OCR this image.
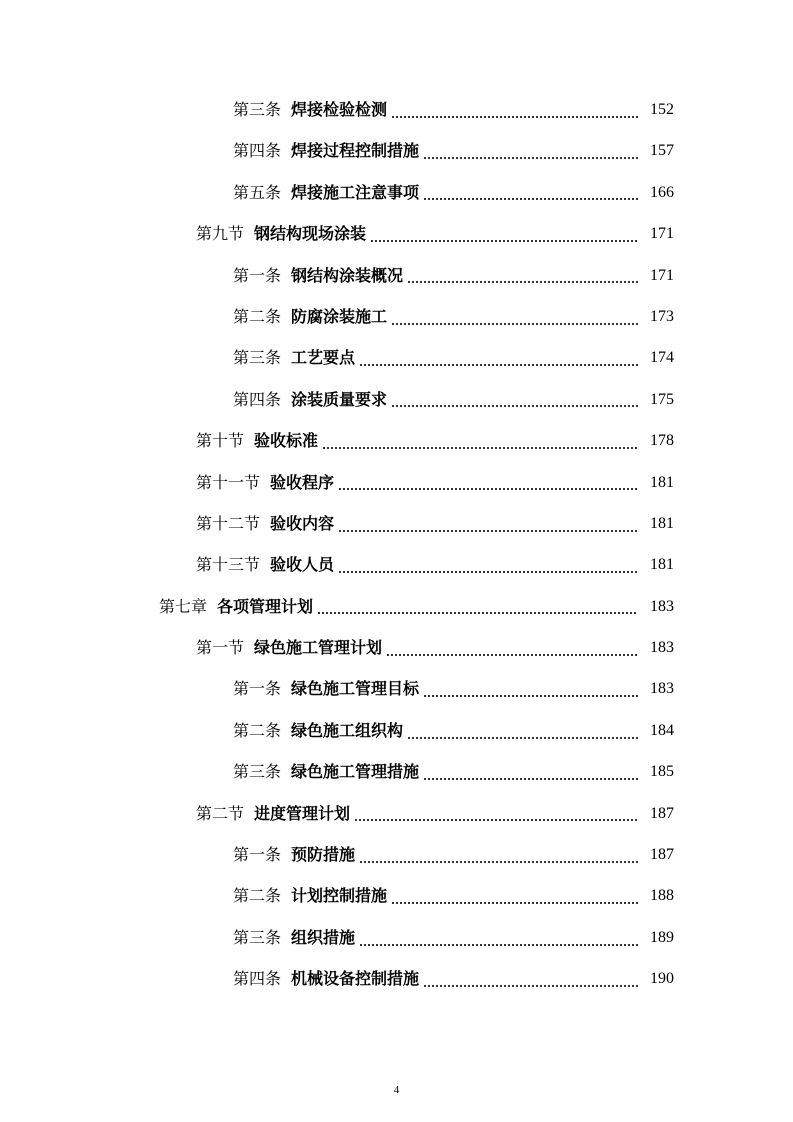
第三条 焊接检验检测	152
第四条 焊接过程控制措施	157
第五条 焊接施工注意事项	166
第九节 钢结构现场涂装	171
第一条 钢结构涂装概况	171
第二条 防腐涂装施工	173
第三条 工艺要点	174
第四条 涂装质量要求	175
第十节 验收标准	178
第十一节 验收程序	181
第十二节 验收内容	181
第十三节 验收人员	181
第七章 各项管理计划	183
第一节 绿色施工管理计划	183
第一条 绿色施工管理目标	183
第二条 绿色施工组织构	184
第三条 绿色施工管理措施	185
第二节 进度管理计划	187
第一条 预防措施	187
第二条 计划控制措施	188
第三条 组织措施	189
第四条 机械设备控制措施	190
4
